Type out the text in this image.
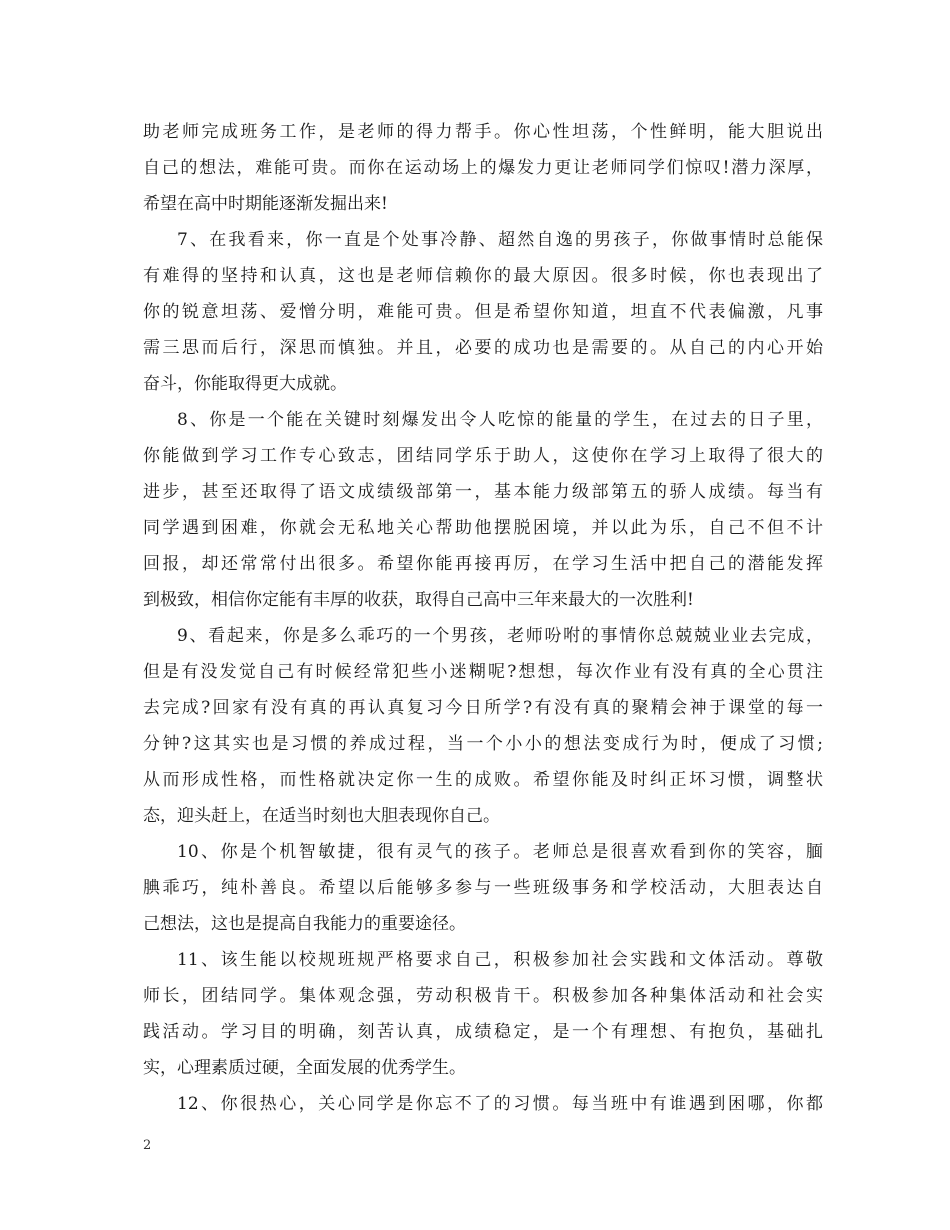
助老师完成班务工作，是老师的得力帮手。你心性坦荡，个性鲜明，能大胆说出
自己的想法，难能可贵。而你在运动场上的爆发力更让老师同学们惊叹!潜力深厚，
希望在高中时期能逐渐发掘出来!
7、在我看来，你一直是个处事冷静、超然自逸的男孩子，你做事情时总能保
有难得的坚持和认真，这也是老师信赖你的最大原因。很多时候，你也表现出了
你的锐意坦荡、爱憎分明，难能可贵。但是希望你知道，坦直不代表偏激，凡事
需三思而后行，深思而慎独。并且，必要的成功也是需要的。从自己的内心开始
奋斗，你能取得更大成就。
8、你是一个能在关键时刻爆发出令人吃惊的能量的学生，在过去的日子里，
你能做到学习工作专心致志，团结同学乐于助人，这使你在学习上取得了很大的
进步，甚至还取得了语文成绩级部第一，基本能力级部第五的骄人成绩。每当有
同学遇到困难，你就会无私地关心帮助他摆脱困境，并以此为乐，自己不但不计
回报，却还常常付出很多。希望你能再接再厉，在学习生活中把自己的潜能发挥
到极致，相信你定能有丰厚的收获，取得自己高中三年来最大的一次胜利!
9、看起来，你是多么乖巧的一个男孩，老师吩咐的事情你总兢兢业业去完成，
但是有没发觉自己有时候经常犯些小迷糊呢?想想，每次作业有没有真的全心贯注
去完成?回家有没有真的再认真复习今日所学?有没有真的聚精会神于课堂的每一
分钟?这其实也是习惯的养成过程，当一个小小的想法变成行为时，便成了习惯;
从而形成性格，而性格就决定你一生的成败。希望你能及时纠正坏习惯，调整状
态，迎头赶上，在适当时刻也大胆表现你自己。
10、你是个机智敏捷，很有灵气的孩子。老师总是很喜欢看到你的笑容，腼
腆乖巧，纯朴善良。希望以后能够多参与一些班级事务和学校活动，大胆表达自
己想法，这也是提高自我能力的重要途径。
11、该生能以校规班规严格要求自己，积极参加社会实践和文体活动。尊敬
师长，团结同学。集体观念强，劳动积极肯干。积极参加各种集体活动和社会实
践活动。学习目的明确，刻苦认真，成绩稳定，是一个有理想、有抱负，基础扎
实，心理素质过硬，全面发展的优秀学生。
12、你很热心，关心同学是你忘不了的习惯。每当班中有谁遇到困哪，你都
2
